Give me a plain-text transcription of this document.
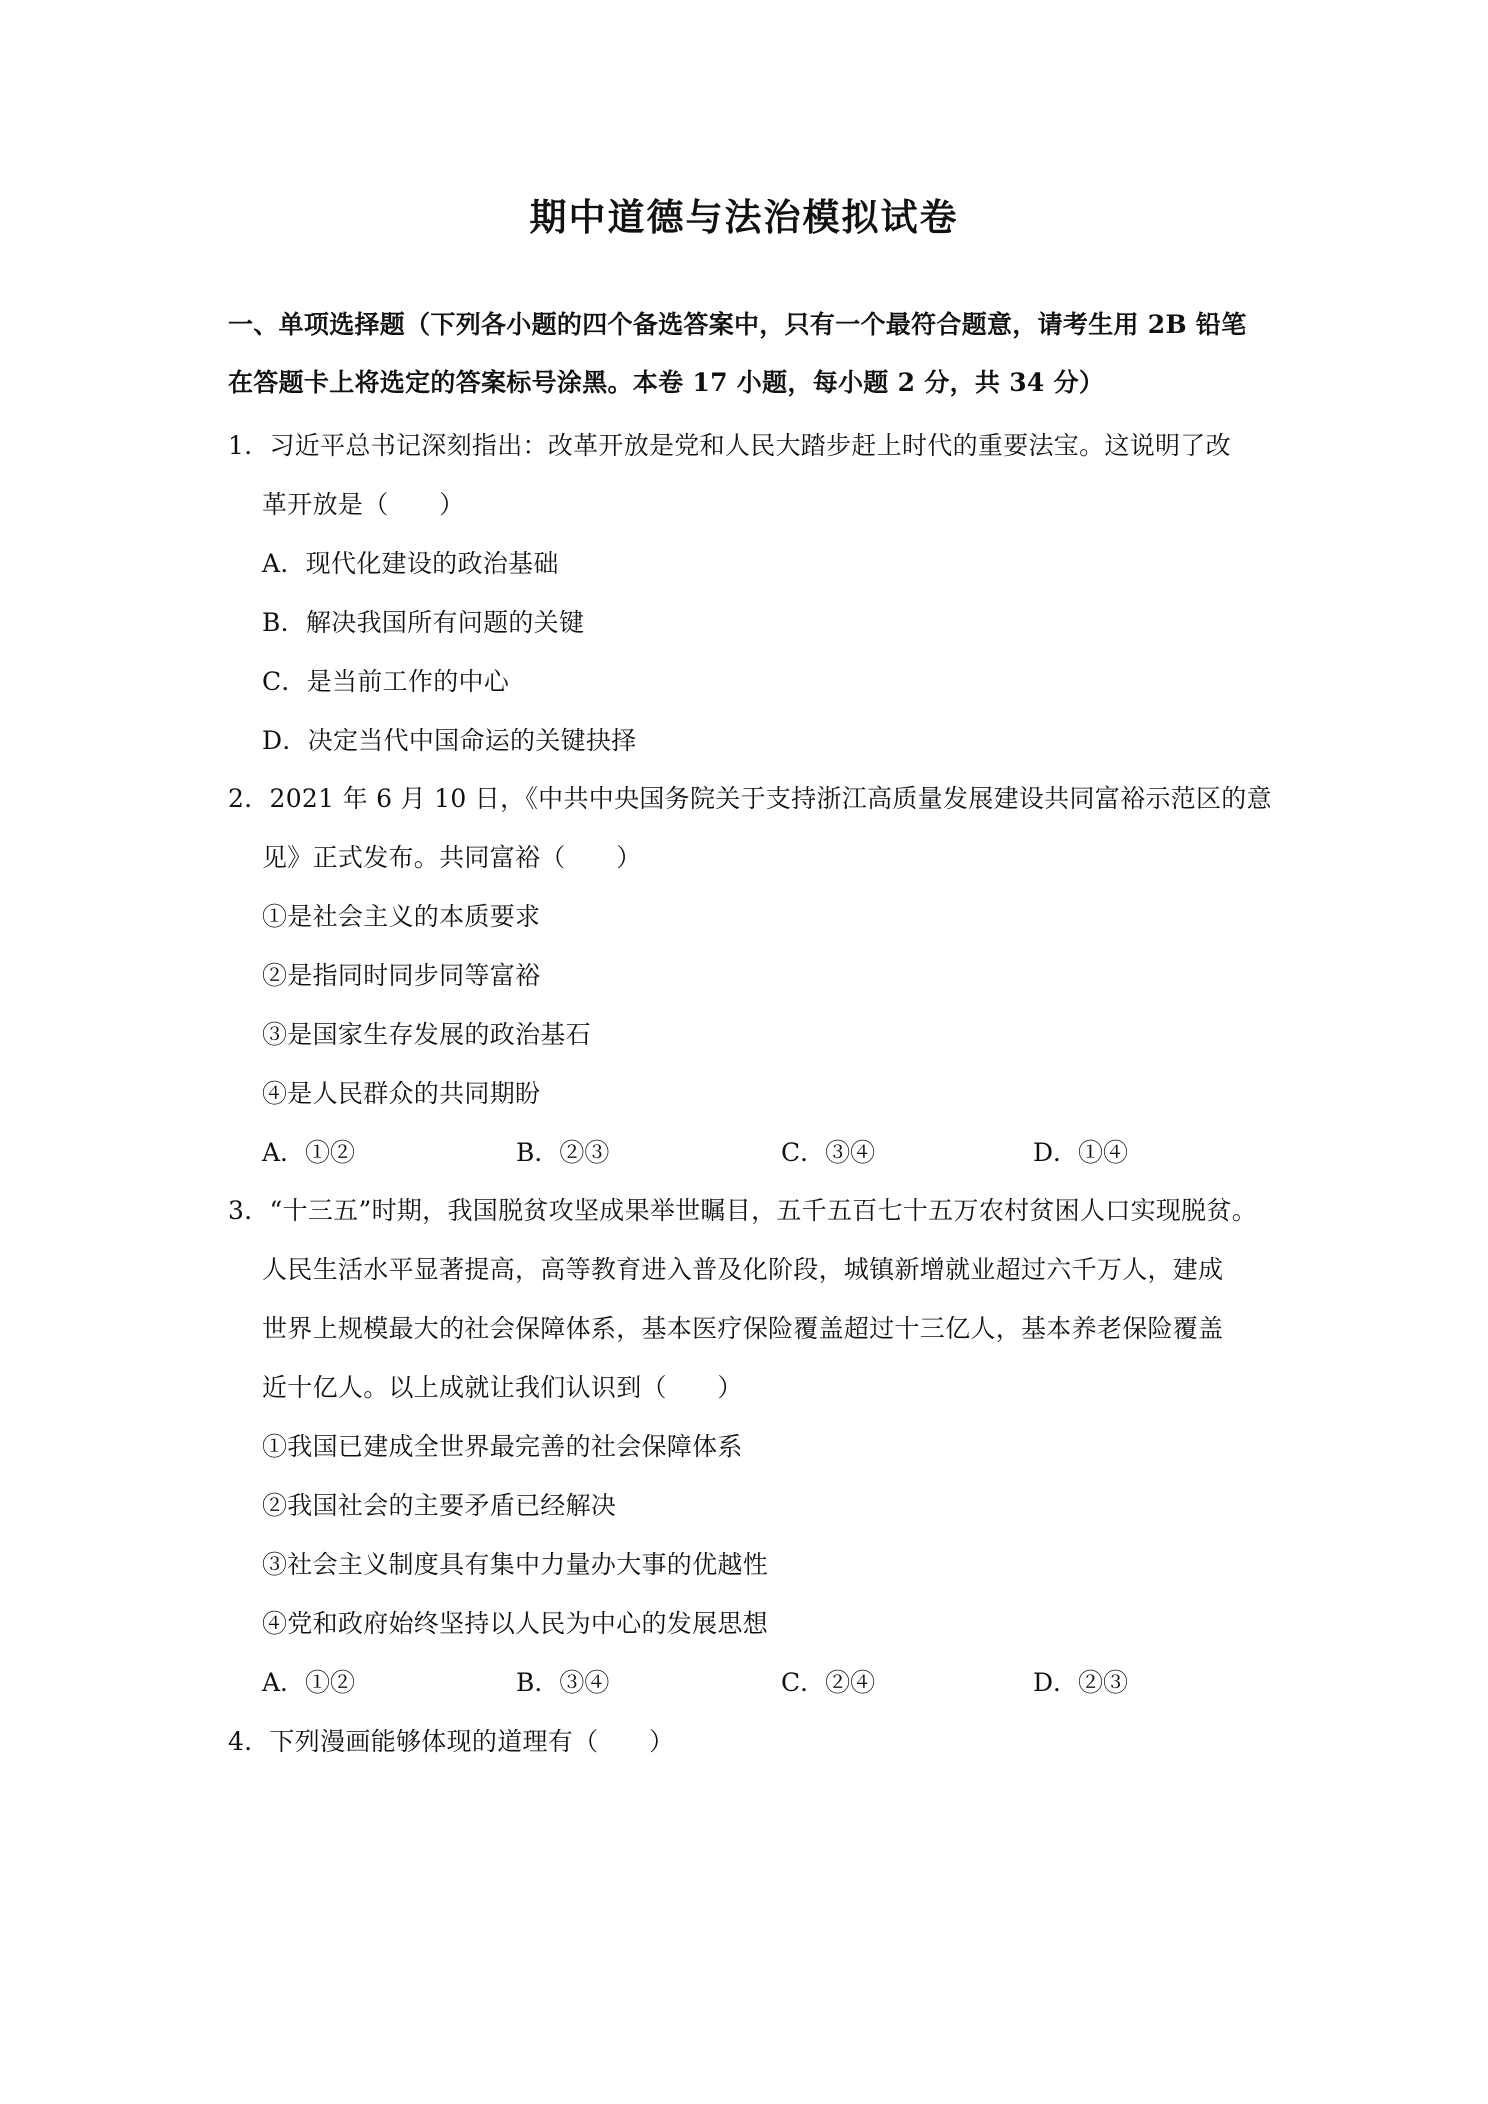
期中道德与法治模拟试卷
一、单项选择题（下列各小题的四个备选答案中，只有一个最符合题意，请考生用 2B 铅笔
在答题卡上将选定的答案标号涂黑。本卷 17 小题，每小题 2 分，共 34 分）
1．习近平总书记深刻指出：改革开放是党和人民大踏步赶上时代的重要法宝。这说明了改
革开放是（　　）
A．现代化建设的政治基础
B．解决我国所有问题的关键
C．是当前工作的中心
D．决定当代中国命运的关键抉择
2．2021 年 6 月 10 日，《中共中央国务院关于支持浙江高质量发展建设共同富裕示范区的意
见》正式发布。共同富裕（　　）
①是社会主义的本质要求
②是指同时同步同等富裕
③是国家生存发展的政治基石
④是人民群众的共同期盼
A．①②	B．②③	C．③④	D．①④
3．“十三五”时期，我国脱贫攻坚成果举世瞩目，五千五百七十五万农村贫困人口实现脱贫。
人民生活水平显著提高，高等教育进入普及化阶段，城镇新增就业超过六千万人，建成
世界上规模最大的社会保障体系，基本医疗保险覆盖超过十三亿人，基本养老保险覆盖
近十亿人。以上成就让我们认识到（　　）
①我国已建成全世界最完善的社会保障体系
②我国社会的主要矛盾已经解决
③社会主义制度具有集中力量办大事的优越性
④党和政府始终坚持以人民为中心的发展思想
A．①②	B．③④	C．②④	D．②③
4．下列漫画能够体现的道理有（　　）
